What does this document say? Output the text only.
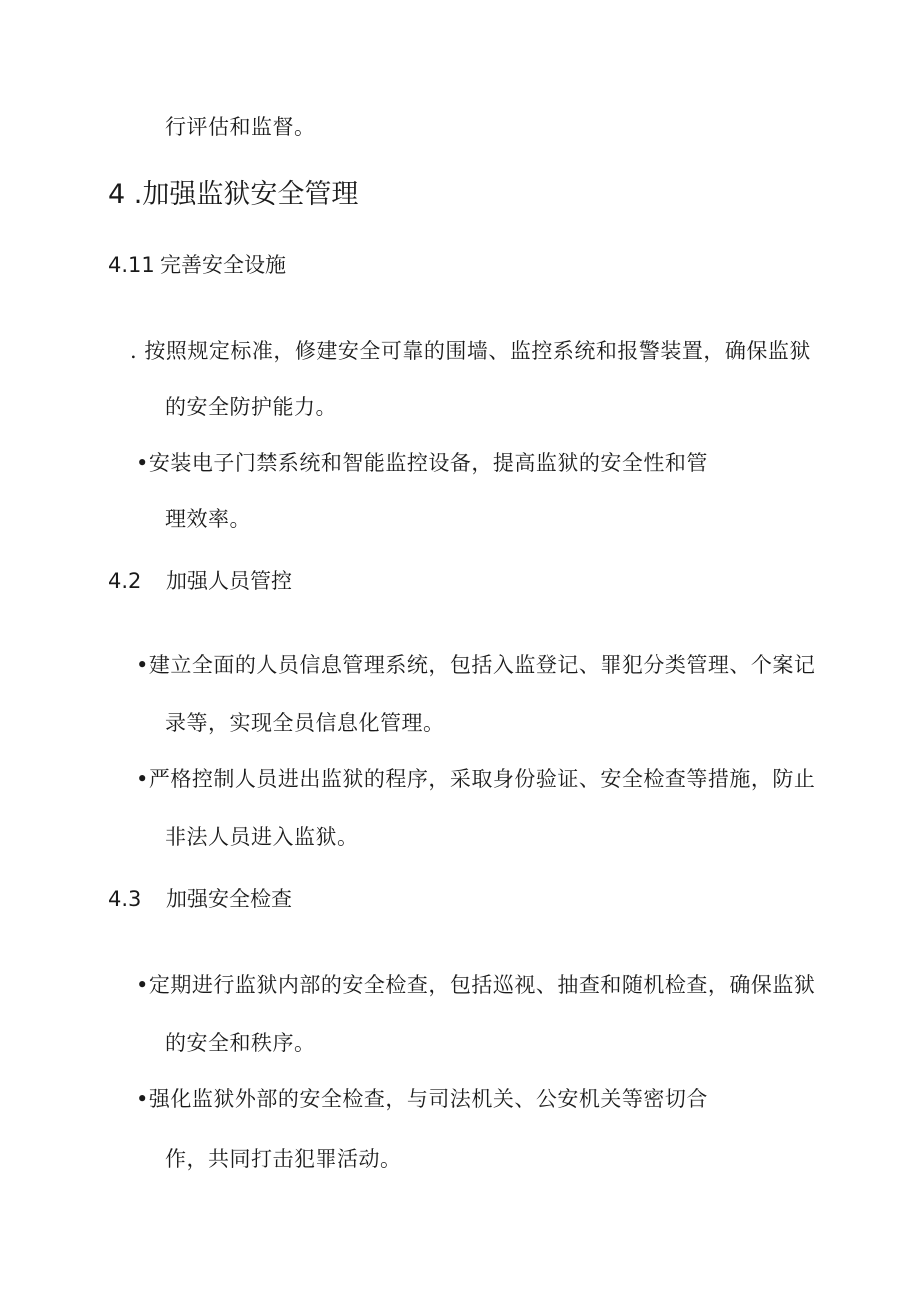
行评估和监督。
4 .加强监狱安全管理
4.11 完善安全设施
. 按照规定标准，修建安全可靠的围墙、监控系统和报警装置，确保监狱
的安全防护能力。
•安装电子门禁系统和智能监控设备，提高监狱的安全性和管
理效率。
4.2 加强人员管控
•建立全面的人员信息管理系统，包括入监登记、罪犯分类管理、个案记
录等，实现全员信息化管理。
•严格控制人员进出监狱的程序，采取身份验证、安全检查等措施，防止
非法人员进入监狱。
4.3 加强安全检查
•定期进行监狱内部的安全检查，包括巡视、抽查和随机检查，确保监狱
的安全和秩序。
•强化监狱外部的安全检查，与司法机关、公安机关等密切合
作，共同打击犯罪活动。
